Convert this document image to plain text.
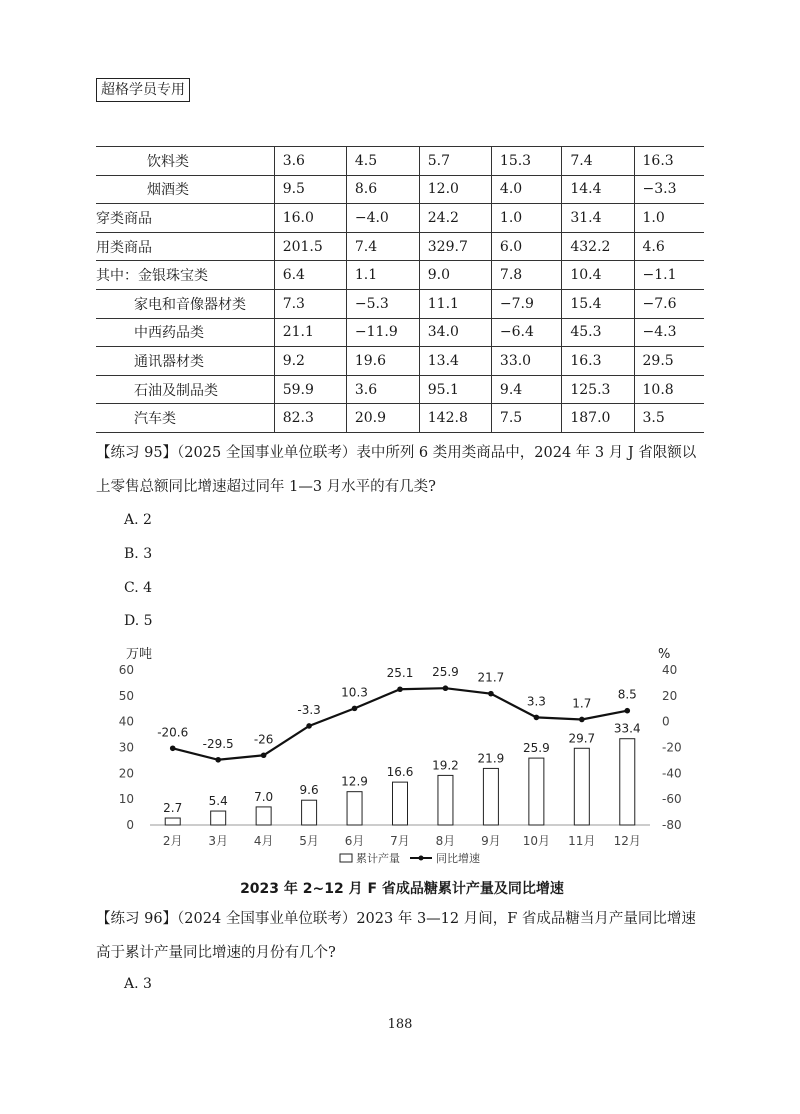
超格学员专用
饮料类	3.6	4.5	5.7	15.3	7.4	16.3
烟酒类	9.5	8.6	12.0	4.0	14.4	−3.3
穿类商品	16.0	−4.0	24.2	1.0	31.4	1.0
用类商品	201.5	7.4	329.7	6.0	432.2	4.6
其中：金银珠宝类	6.4	1.1	9.0	7.8	10.4	−1.1
家电和音像器材类	7.3	−5.3	11.1	−7.9	15.4	−7.6
中西药品类	21.1	−11.9	34.0	−6.4	45.3	−4.3
通讯器材类	9.2	19.6	13.4	33.0	16.3	29.5
石油及制品类	59.9	3.6	95.1	9.4	125.3	10.8
汽车类	82.3	20.9	142.8	7.5	187.0	3.5
【练习 95】（2025 全国事业单位联考）表中所列 6 类用类商品中，2024 年 3 月 J 省限额以上零售总额同比增速超过同年 1—3 月水平的有几类?
A. 2
B. 3
C. 4
D. 5
万吨	%
0
10
20
30
40
50
60
-80
-60
-40
-20
0
20
40
2.7
2月
5.4
3月
7.0
4月
9.6
5月
12.9
6月
16.6
7月
19.2
8月
21.9
9月
25.9
10月
29.7
11月
33.4
12月
-20.6
-29.5 -26
-3.3
10.3
25.1 25.9 21.7
3.3 1.7
8.5
累计产量	同比增速
2023 年 2~12 月 F 省成品糖累计产量及同比增速
【练习 96】（2024 全国事业单位联考）2023 年 3—12 月间，F 省成品糖当月产量同比增速高于累计产量同比增速的月份有几个?
A. 3
188
